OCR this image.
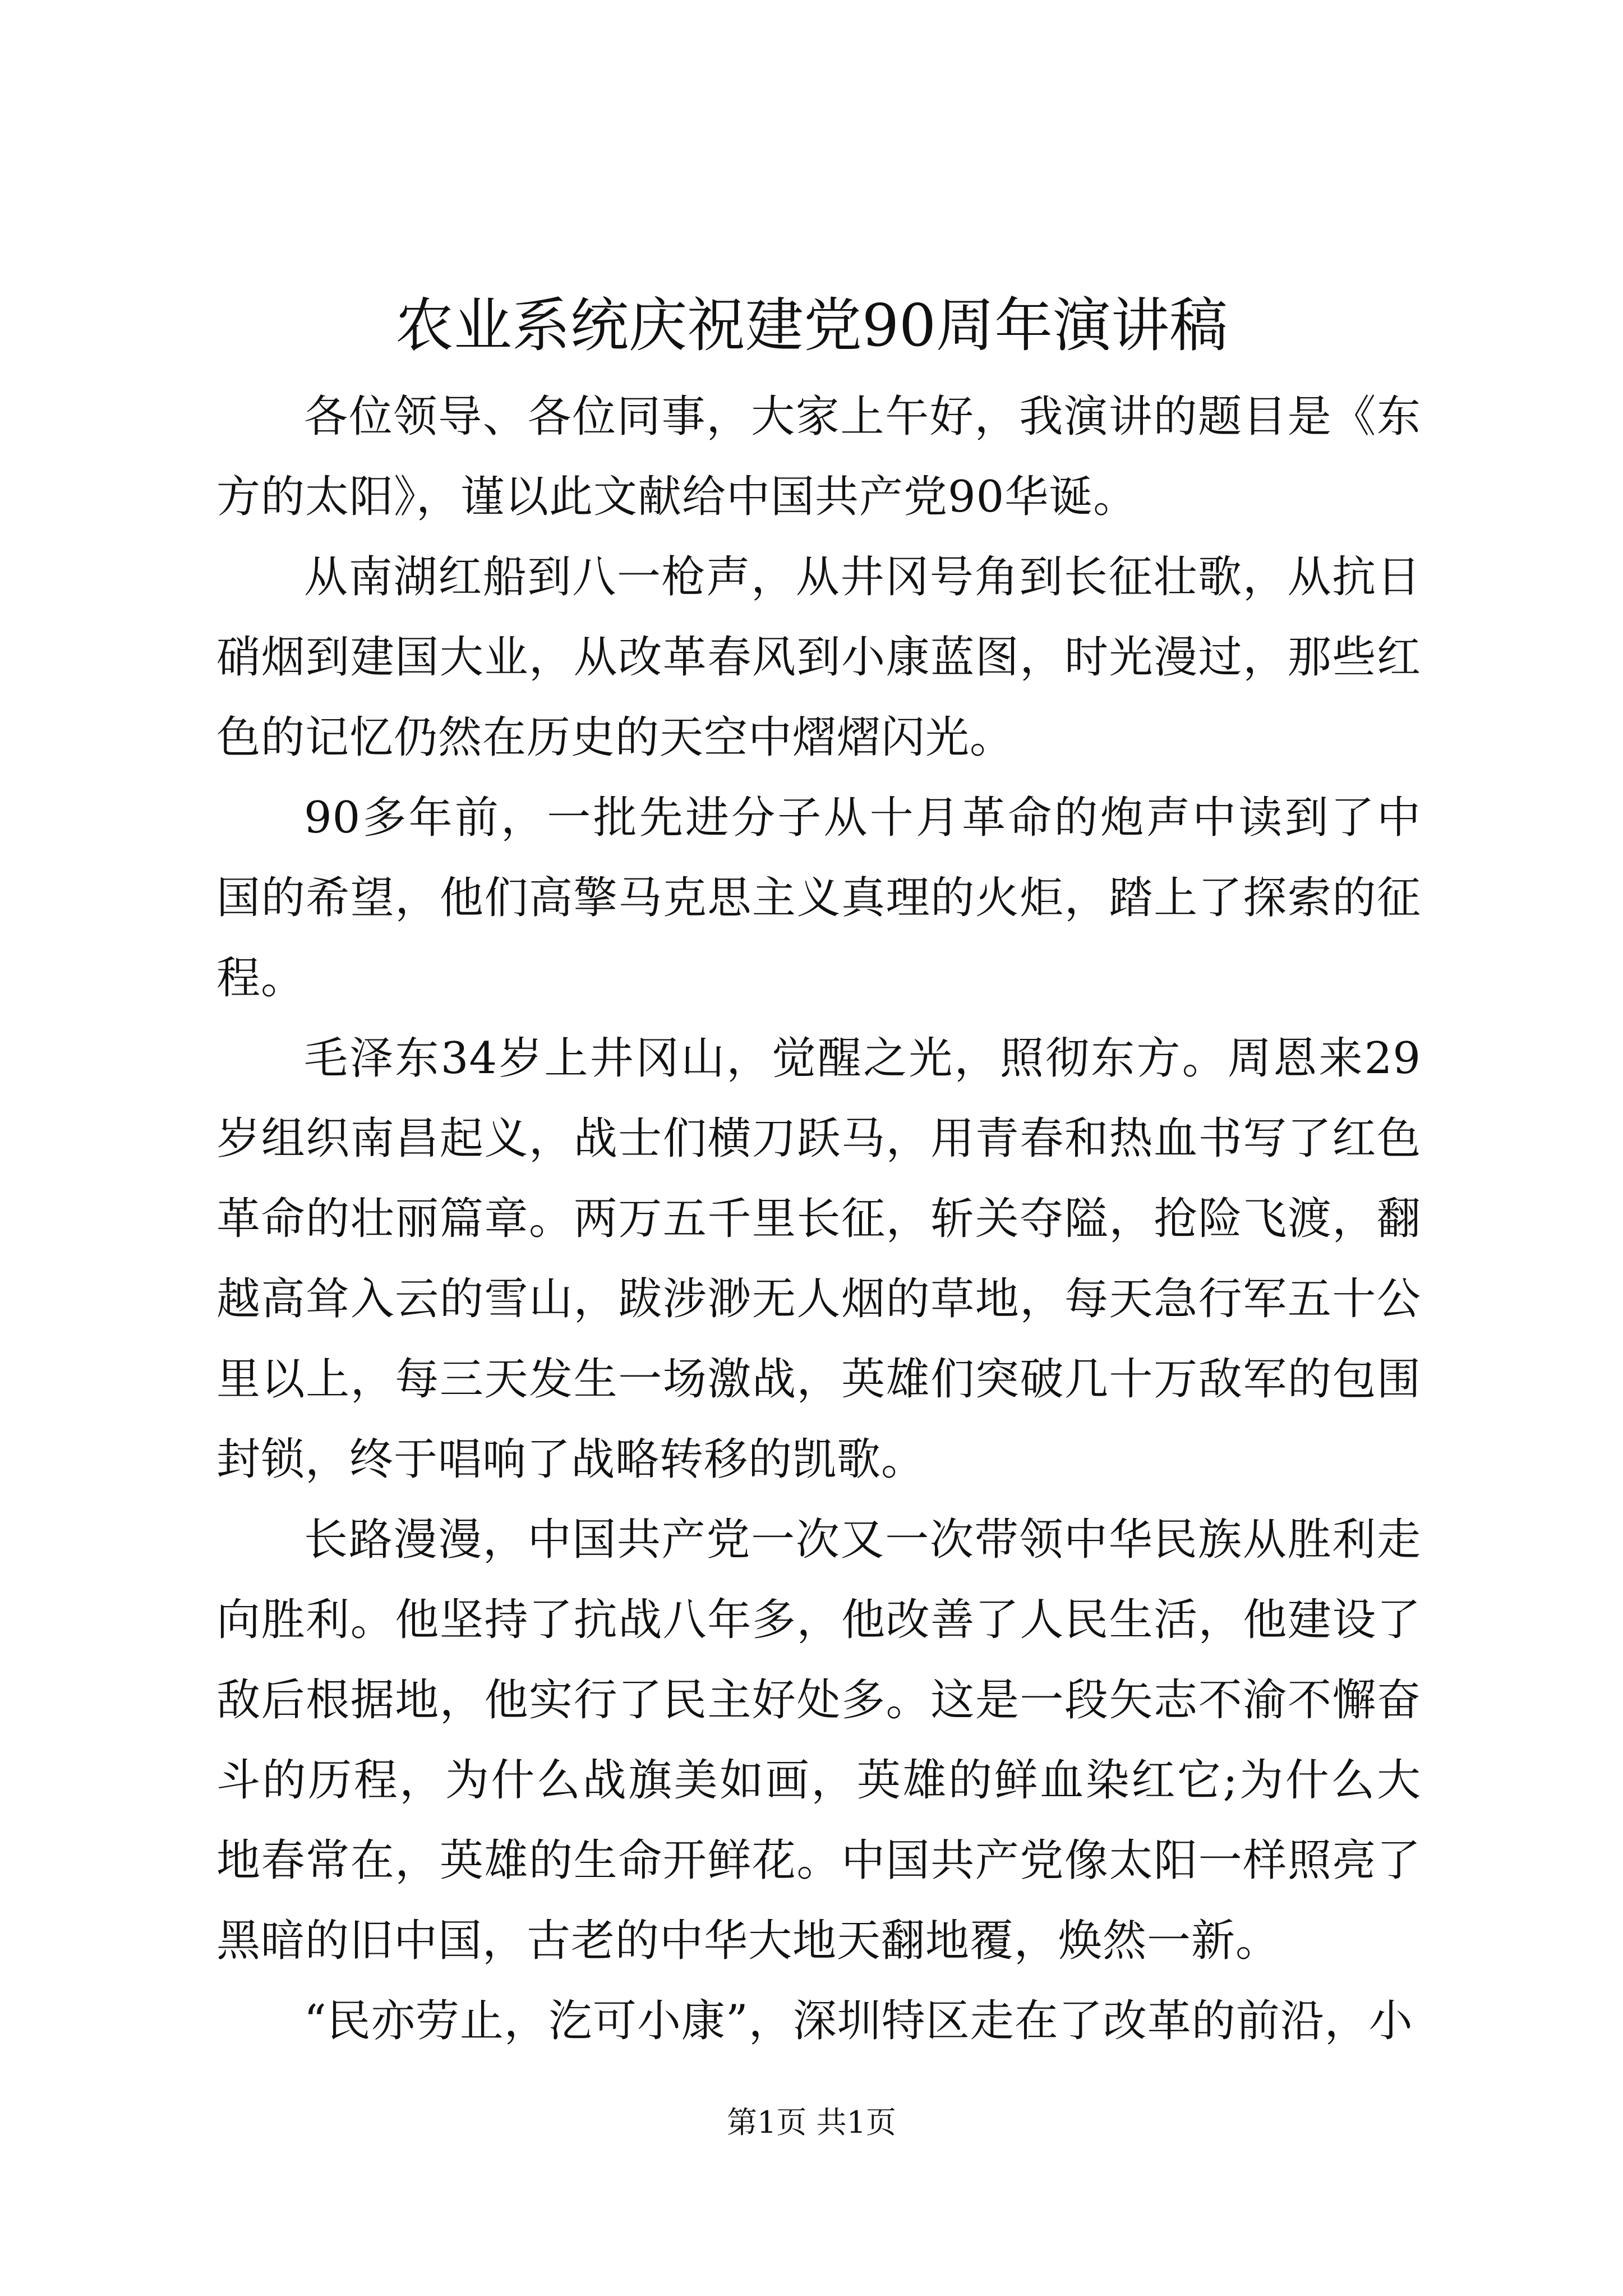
农业系统庆祝建党90周年演讲稿

各位领导、各位同事，大家上午好，我演讲的题目是《东方的太阳》，谨以此文献给中国共产党90华诞。

从南湖红船到八一枪声，从井冈号角到长征壮歌，从抗日硝烟到建国大业，从改革春风到小康蓝图，时光漫过，那些红色的记忆仍然在历史的天空中熠熠闪光。

90多年前，一批先进分子从十月革命的炮声中读到了中国的希望，他们高擎马克思主义真理的火炬，踏上了探索的征程。

毛泽东34岁上井冈山，觉醒之光，照彻东方。周恩来29岁组织南昌起义，战士们横刀跃马，用青春和热血书写了红色革命的壮丽篇章。两万五千里长征，斩关夺隘，抢险飞渡，翻越高耸入云的雪山，跋涉渺无人烟的草地，每天急行军五十公里以上，每三天发生一场激战，英雄们突破几十万敌军的包围封锁，终于唱响了战略转移的凯歌。

长路漫漫，中国共产党一次又一次带领中华民族从胜利走向胜利。他坚持了抗战八年多，他改善了人民生活，他建设了敌后根据地，他实行了民主好处多。这是一段矢志不渝不懈奋斗的历程，为什么战旗美如画，英雄的鲜血染红它;为什么大地春常在，英雄的生命开鲜花。中国共产党像太阳一样照亮了黑暗的旧中国，古老的中华大地天翻地覆，焕然一新。

“民亦劳止，汔可小康”，深圳特区走在了改革的前沿，小

第1页 共1页
